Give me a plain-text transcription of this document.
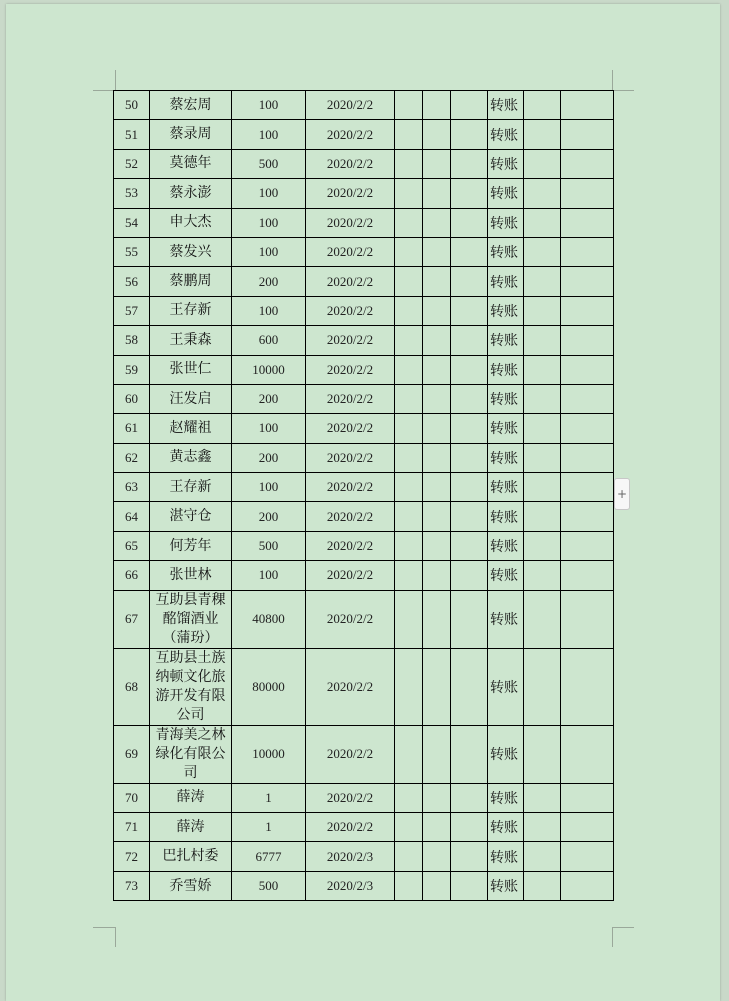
50	蔡宏周	100	2020/2/2				转账		
51	蔡录周	100	2020/2/2				转账		
52	莫德年	500	2020/2/2				转账		
53	蔡永澎	100	2020/2/2				转账		
54	申大杰	100	2020/2/2				转账		
55	蔡发兴	100	2020/2/2				转账		
56	蔡鹏周	200	2020/2/2				转账		
57	王存新	100	2020/2/2				转账		
58	王秉森	600	2020/2/2				转账		
59	张世仁	10000	2020/2/2				转账		
60	汪发启	200	2020/2/2				转账		
61	赵耀祖	100	2020/2/2				转账		
62	黄志鑫	200	2020/2/2				转账		
63	王存新	100	2020/2/2				转账		
64	湛守仓	200	2020/2/2				转账		
65	何芳年	500	2020/2/2				转账		
66	张世林	100	2020/2/2				转账		
67	互助县青稞酩馏酒业（蒲玢）	40800	2020/2/2				转账		
68	互助县土族纳顿文化旅游开发有限公司	80000	2020/2/2				转账		
69	青海美之林绿化有限公司	10000	2020/2/2				转账		
70	薛涛	1	2020/2/2				转账		
71	薛涛	1	2020/2/2				转账		
72	巴扎村委	6777	2020/2/3				转账		
73	乔雪娇	500	2020/2/3				转账		
+
